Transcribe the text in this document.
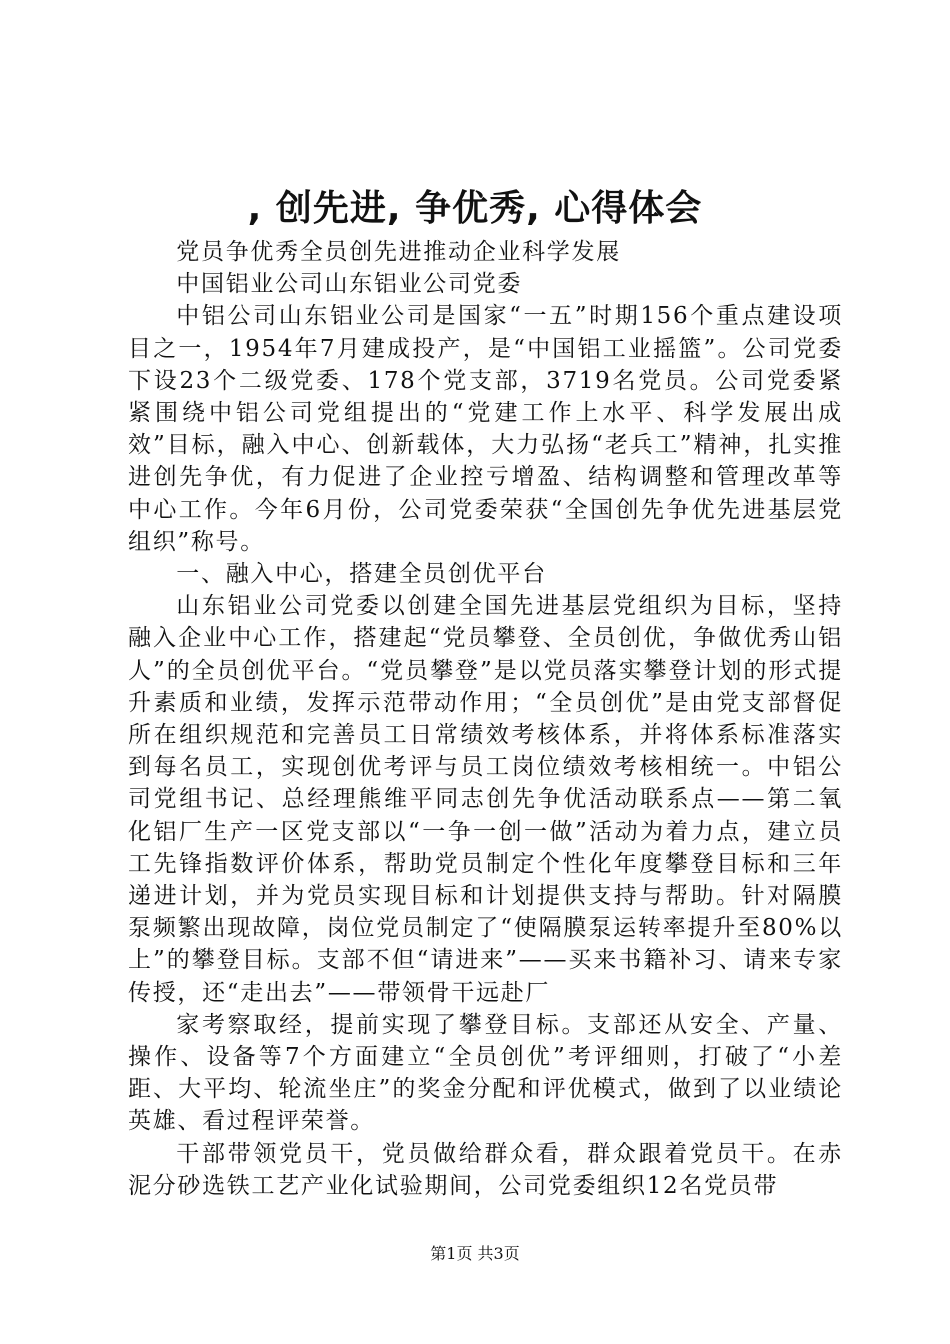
, 创先进, 争优秀, 心得体会

党员争优秀全员创先进推动企业科学发展

中国铝业公司山东铝业公司党委

中铝公司山东铝业公司是国家“一五”时期156个重点建设项目之一，1954年7月建成投产，是“中国铝工业摇篮”。公司党委下设23个二级党委、178个党支部，3719名党员。公司党委紧紧围绕中铝公司党组提出的“党建工作上水平、科学发展出成效”目标，融入中心、创新载体，大力弘扬“老兵工”精神，扎实推进创先争优，有力促进了企业控亏增盈、结构调整和管理改革等中心工作。今年6月份，公司党委荣获“全国创先争优先进基层党组织”称号。

一、融入中心，搭建全员创优平台

山东铝业公司党委以创建全国先进基层党组织为目标，坚持融入企业中心工作，搭建起“党员攀登、全员创优，争做优秀山铝人”的全员创优平台。“党员攀登”是以党员落实攀登计划的形式提升素质和业绩，发挥示范带动作用；“全员创优”是由党支部督促所在组织规范和完善员工日常绩效考核体系，并将体系标准落实到每名员工，实现创优考评与员工岗位绩效考核相统一。中铝公司党组书记、总经理熊维平同志创先争优活动联系点——第二氧化铝厂生产一区党支部以“一争一创一做”活动为着力点，建立员工先锋指数评价体系，帮助党员制定个性化年度攀登目标和三年递进计划，并为党员实现目标和计划提供支持与帮助。针对隔膜泵频繁出现故障，岗位党员制定了“使隔膜泵运转率提升至80%以上”的攀登目标。支部不但“请进来”——买来书籍补习、请来专家传授，还“走出去”——带领骨干远赴厂

家考察取经，提前实现了攀登目标。支部还从安全、产量、操作、设备等7个方面建立“全员创优”考评细则，打破了“小差距、大平均、轮流坐庄”的奖金分配和评优模式，做到了以业绩论英雄、看过程评荣誉。

干部带领党员干，党员做给群众看，群众跟着党员干。在赤泥分砂选铁工艺产业化试验期间，公司党委组织12名党员带

第1页 共3页
